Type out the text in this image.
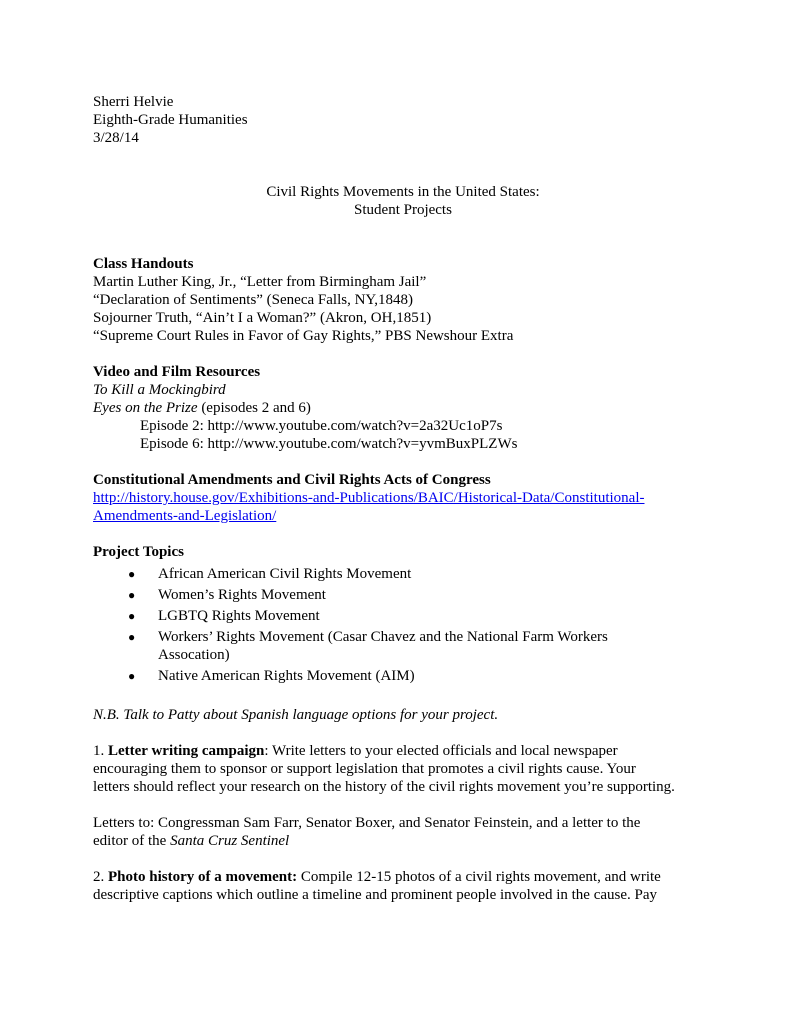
Sherri Helvie
Eighth-Grade Humanities
3/28/14
Civil Rights Movements in the United States:
Student Projects
Class Handouts
Martin Luther King, Jr., “Letter from Birmingham Jail”
“Declaration of Sentiments” (Seneca Falls, NY,1848)
Sojourner Truth, “Ain’t I a Woman?” (Akron, OH,1851)
“Supreme Court Rules in Favor of Gay Rights,” PBS Newshour Extra
Video and Film Resources
To Kill a Mockingbird
Eyes on the Prize (episodes 2 and 6)
Episode 2: http://www.youtube.com/watch?v=2a32Uc1oP7s
Episode 6: http://www.youtube.com/watch?v=yvmBuxPLZWs
Constitutional Amendments and Civil Rights Acts of Congress
http://history.house.gov/Exhibitions-and-Publications/BAIC/Historical-Data/Constitutional-
Amendments-and-Legislation/
Project Topics
● African American Civil Rights Movement
● Women’s Rights Movement
● LGBTQ Rights Movement
● Workers’ Rights Movement (Casar Chavez and the National Farm Workers
Assocation)
● Native American Rights Movement (AIM)
N.B. Talk to Patty about Spanish language options for your project.
1. Letter writing campaign: Write letters to your elected officials and local newspaper
encouraging them to sponsor or support legislation that promotes a civil rights cause. Your
letters should reflect your research on the history of the civil rights movement you’re supporting.
Letters to: Congressman Sam Farr, Senator Boxer, and Senator Feinstein, and a letter to the
editor of the Santa Cruz Sentinel
2. Photo history of a movement: Compile 12-15 photos of a civil rights movement, and write
descriptive captions which outline a timeline and prominent people involved in the cause. Pay
